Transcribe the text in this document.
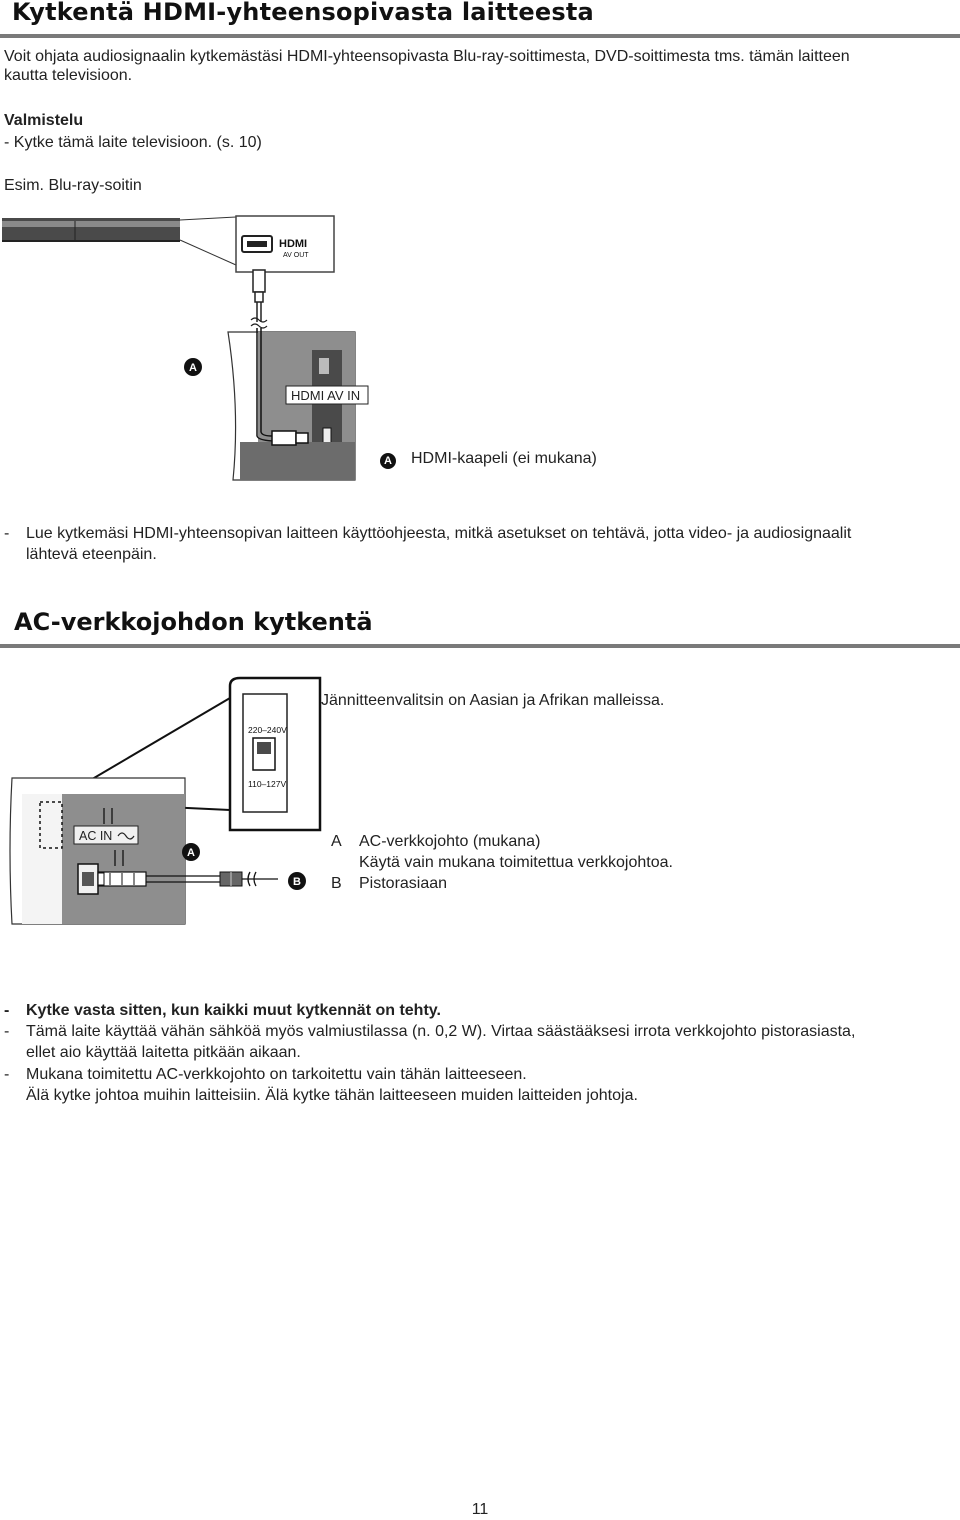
Kytkentä HDMI-yhteensopivasta laitteesta
Voit ohjata audiosignaalin kytkemästäsi HDMI-yhteensopivasta Blu-ray-soittimesta, DVD-soittimesta tms. tämän laitteen
kautta televisioon.
Valmistelu
- Kytke tämä laite televisioon. (s. 10)
Esim. Blu-ray-soitin
HDMI
AV OUT
HDMI AV IN
A
A HDMI-kaapeli (ei mukana)
- Lue kytkemäsi HDMI-yhteensopivan laitteen käyttöohjeesta, mitkä asetukset on tehtävä, jotta video- ja audiosignaalit
lähtevä eteenpäin.
AC-verkkojohdon kytkentä
220–240V
110–127V
AC IN
A
B
Jännitteenvalitsin on Aasian ja Afrikan malleissa.
A AC-verkkojohto (mukana)
Käytä vain mukana toimitettua verkkojohtoa.
B Pistorasiaan
- Kytke vasta sitten, kun kaikki muut kytkennät on tehty.
- Tämä laite käyttää vähän sähköä myös valmiustilassa (n. 0,2 W). Virtaa säästääksesi irrota verkkojohto pistorasiasta,
ellet aio käyttää laitetta pitkään aikaan.
- Mukana toimitettu AC-verkkojohto on tarkoitettu vain tähän laitteeseen.
Älä kytke johtoa muihin laitteisiin. Älä kytke tähän laitteeseen muiden laitteiden johtoja.
11
